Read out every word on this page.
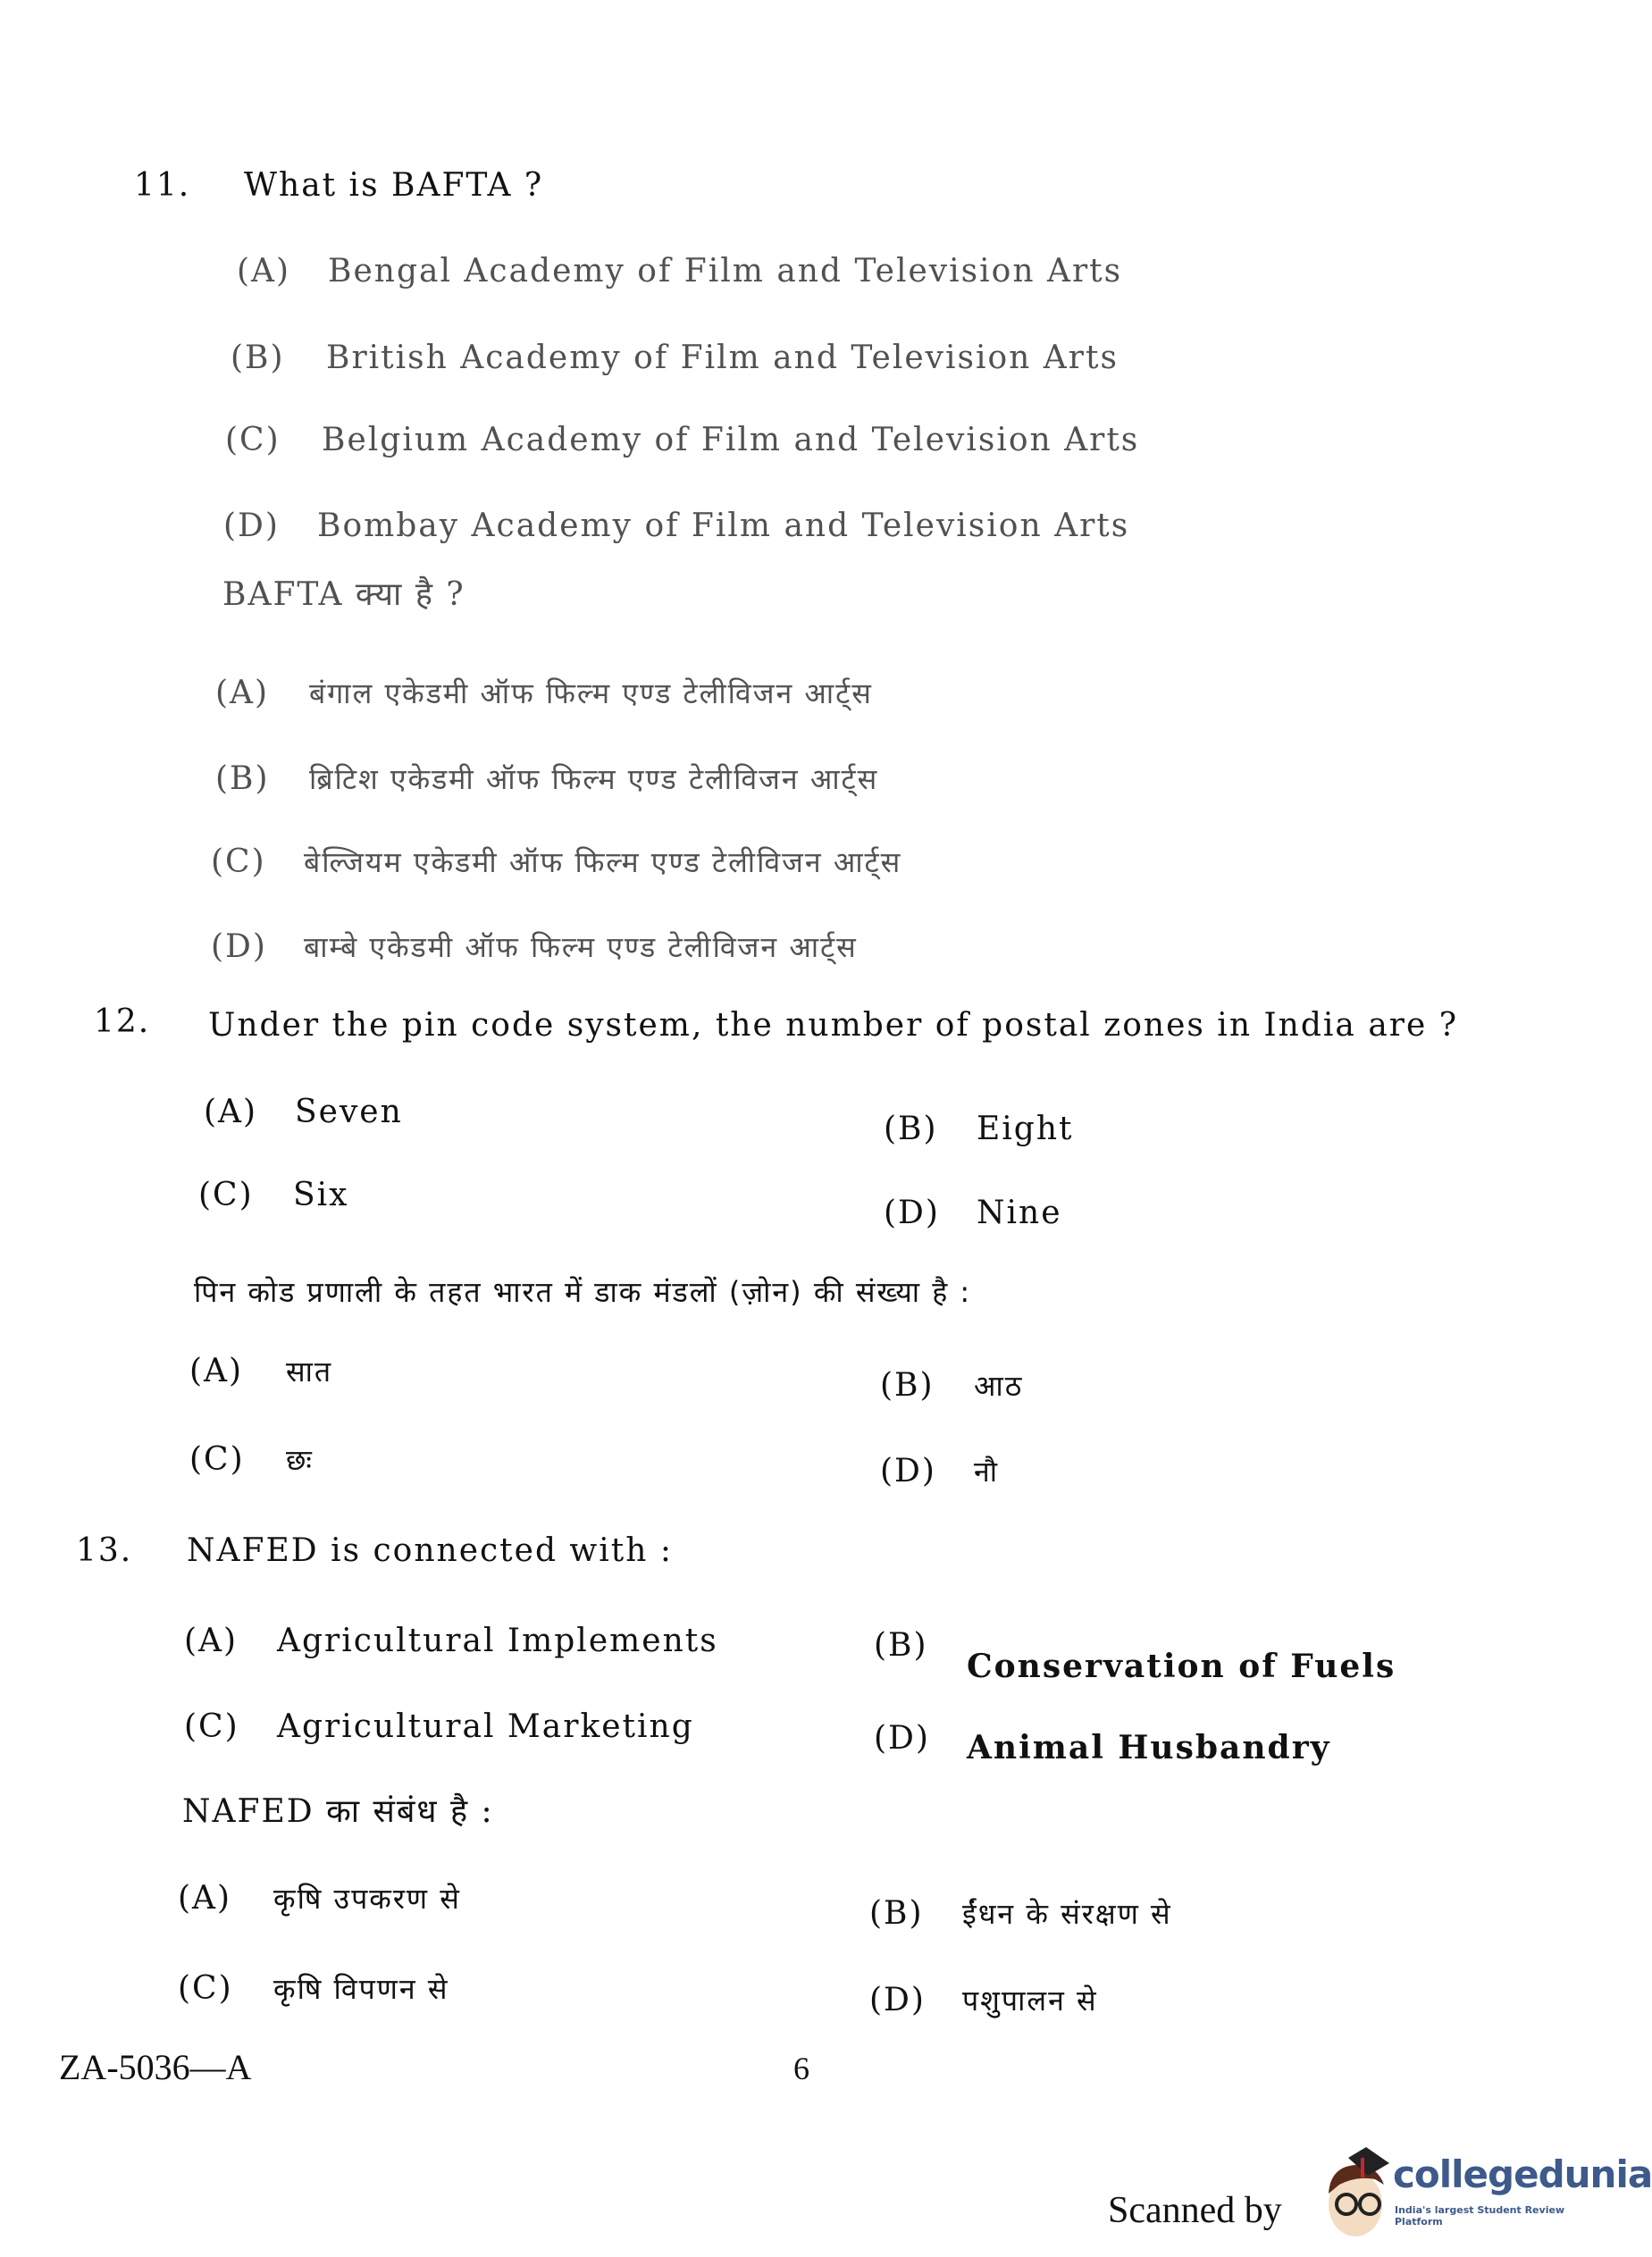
11. What is BAFTA ?
(A) Bengal Academy of Film and Television Arts
(B) British Academy of Film and Television Arts
(C) Belgium Academy of Film and Television Arts
(D) Bombay Academy of Film and Television Arts
BAFTA क्या है ?
(A) बंगाल एकेडमी ऑफ फिल्म एण्ड टेलीविजन आर्ट्स
(B) ब्रिटिश एकेडमी ऑफ फिल्म एण्ड टेलीविजन आर्ट्स
(C) बेल्जियम एकेडमी ऑफ फिल्म एण्ड टेलीविजन आर्ट्स
(D) बाम्बे एकेडमी ऑफ फिल्म एण्ड टेलीविजन आर्ट्स
12. Under the pin code system, the number of postal zones in India are ?
(A) Seven	(B) Eight
(C) Six	(D) Nine
पिन कोड प्रणाली के तहत भारत में डाक मंडलों (ज़ोन) की संख्या है :
(A) सात	(B) आठ
(C) छः	(D) नौ
13. NAFED is connected with :
(A) Agricultural Implements	(B)
Conservation of Fuels
(C) Agricultural Marketing	(D) Animal Husbandry
NAFED का संबंध है :
(A) कृषि उपकरण से	(B) ईंधन के संरक्षण से
(C) कृषि विपणन से	(D) पशुपालन से
ZA-5036—A	6
Scanned by
collegedunia
India's largest Student Review Platform
